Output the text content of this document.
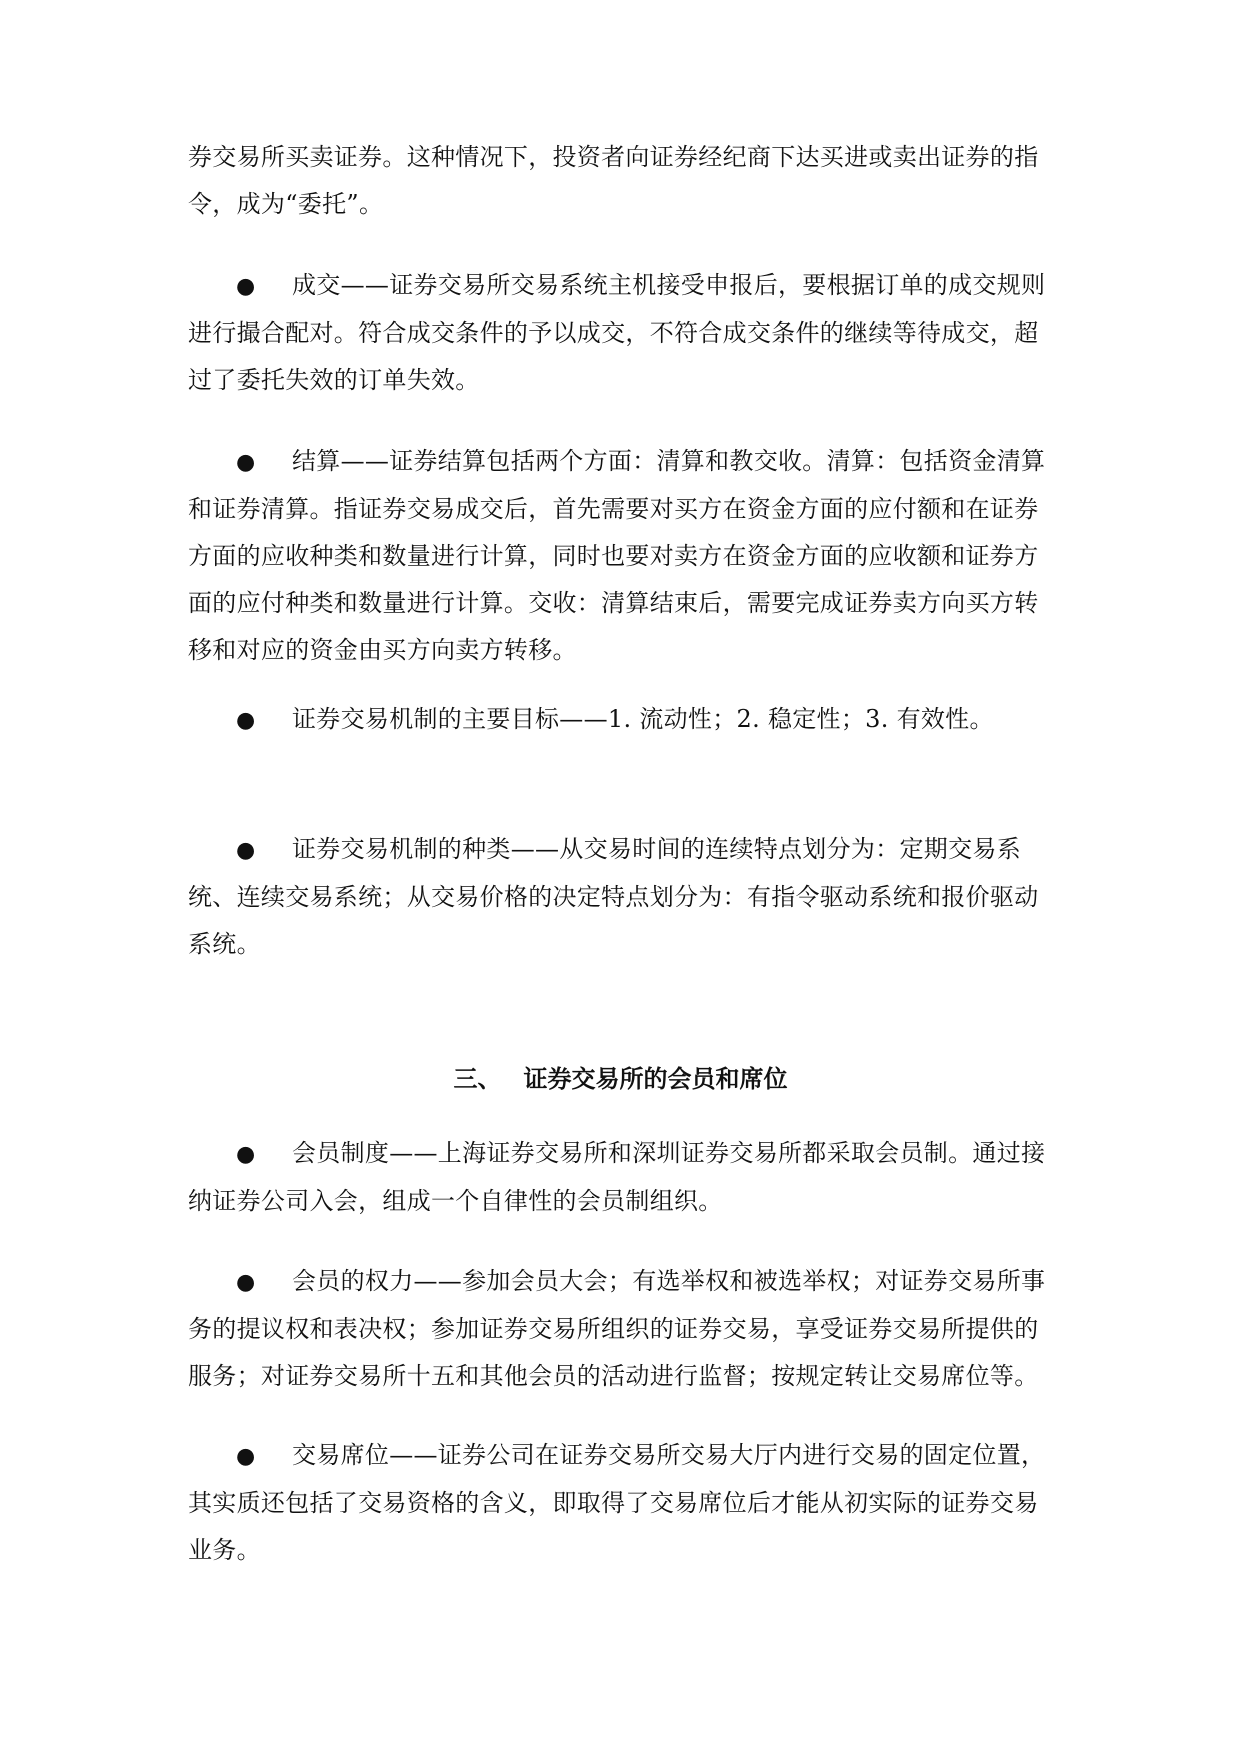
券交易所买卖证券。这种情况下，投资者向证券经纪商下达买进或卖出证券的指令，成为“委托”。
● 成交——证券交易所交易系统主机接受申报后，要根据订单的成交规则进行撮合配对。符合成交条件的予以成交，不符合成交条件的继续等待成交，超过了委托失效的订单失效。
● 结算——证券结算包括两个方面：清算和教交收。清算：包括资金清算和证券清算。指证券交易成交后，首先需要对买方在资金方面的应付额和在证券方面的应收种类和数量进行计算，同时也要对卖方在资金方面的应收额和证券方面的应付种类和数量进行计算。交收：清算结束后，需要完成证券卖方向买方转移和对应的资金由买方向卖方转移。
● 证券交易机制的主要目标——1. 流动性；2. 稳定性；3. 有效性。
● 证券交易机制的种类——从交易时间的连续特点划分为：定期交易系统、连续交易系统；从交易价格的决定特点划分为：有指令驱动系统和报价驱动系统。
三、 证券交易所的会员和席位
● 会员制度——上海证券交易所和深圳证券交易所都采取会员制。通过接纳证券公司入会，组成一个自律性的会员制组织。
● 会员的权力——参加会员大会；有选举权和被选举权；对证券交易所事务的提议权和表决权；参加证券交易所组织的证券交易，享受证券交易所提供的服务；对证券交易所十五和其他会员的活动进行监督；按规定转让交易席位等。
● 交易席位——证券公司在证券交易所交易大厅内进行交易的固定位置，其实质还包括了交易资格的含义，即取得了交易席位后才能从初实际的证券交易业务。
